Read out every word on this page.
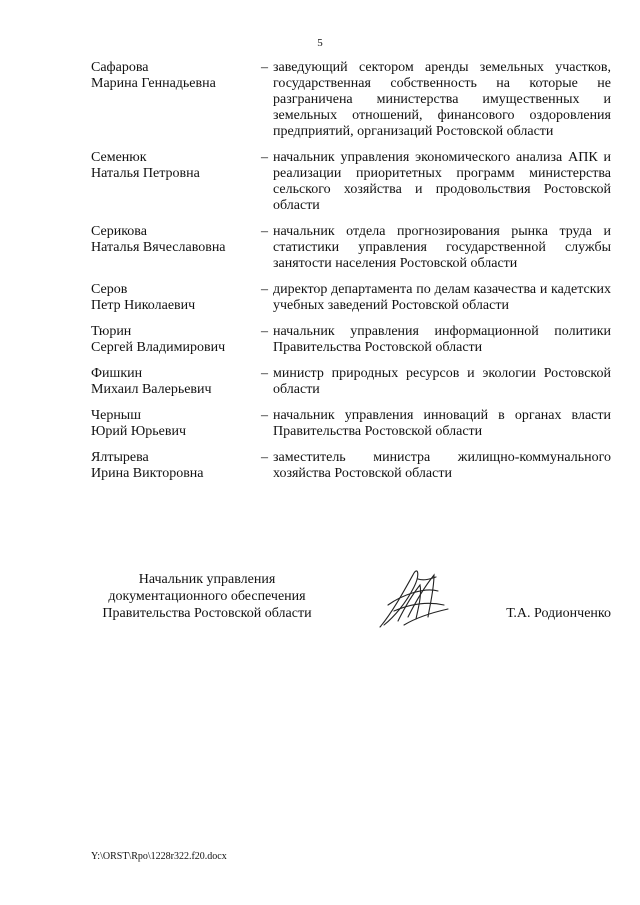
5
Сафарова
Марина Геннадьевна
– заведующий сектором аренды земельных участков, государственная собственность на которые не разграничена министерства имущественных и земельных отношений, финансового оздоровления предприятий, организаций Ростовской области
Семенюк
Наталья Петровна
– начальник управления экономического анализа АПК и реализации приоритетных программ министерства сельского хозяйства и продовольствия Ростовской области
Серикова
Наталья Вячеславовна
– начальник отдела прогнозирования рынка труда и статистики управления государственной службы занятости населения Ростовской области
Серов
Петр Николаевич
– директор департамента по делам казачества и кадетских учебных заведений Ростовской области
Тюрин
Сергей Владимирович
– начальник управления информационной политики Правительства Ростовской области
Фишкин
Михаил Валерьевич
– министр природных ресурсов и экологии Ростовской области
Черныш
Юрий Юрьевич
– начальник управления инноваций в органах власти Правительства Ростовской области
Ялтырева
Ирина Викторовна
– заместитель министра жилищно-коммунального хозяйства Ростовской области
Начальник управления
документационного обеспечения
Правительства Ростовской области	Т.А. Родионченко
Y:\ORST\Rpo\1228r322.f20.docx
